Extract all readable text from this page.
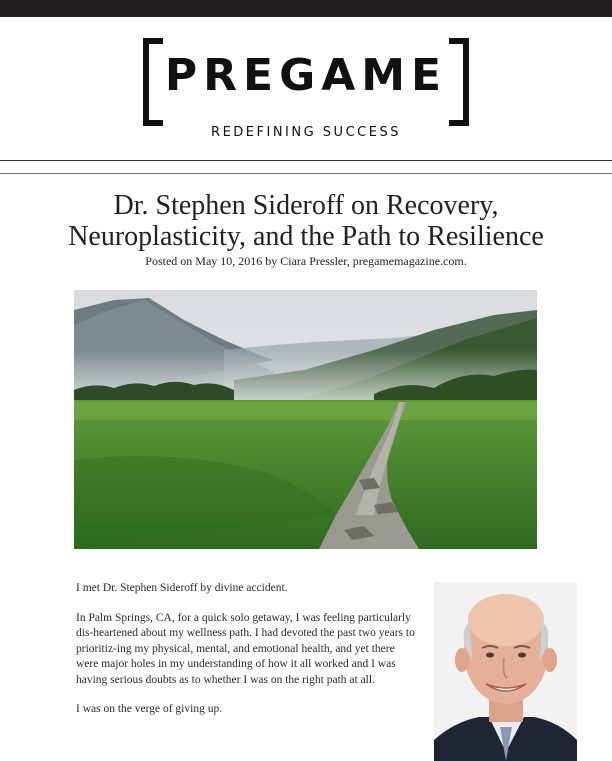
PREGAME
REDEFINING SUCCESS
Dr. Stephen Sideroff on Recovery,
Neuroplasticity, and the Path to Resilience
Posted on May 10, 2016 by Ciara Pressler, pregamemagazine.com.

I met Dr. Stephen Sideroff by divine accident.

In Palm Springs, CA, for a quick solo getaway, I was feeling particularly dis-heartened about my wellness path. I had devoted the past two years to prioritiz-ing my physical, mental, and emotional health, and yet there were major holes in my understanding of how it all worked and I was having serious doubts as to whether I was on the right path at all.

I was on the verge of giving up.
